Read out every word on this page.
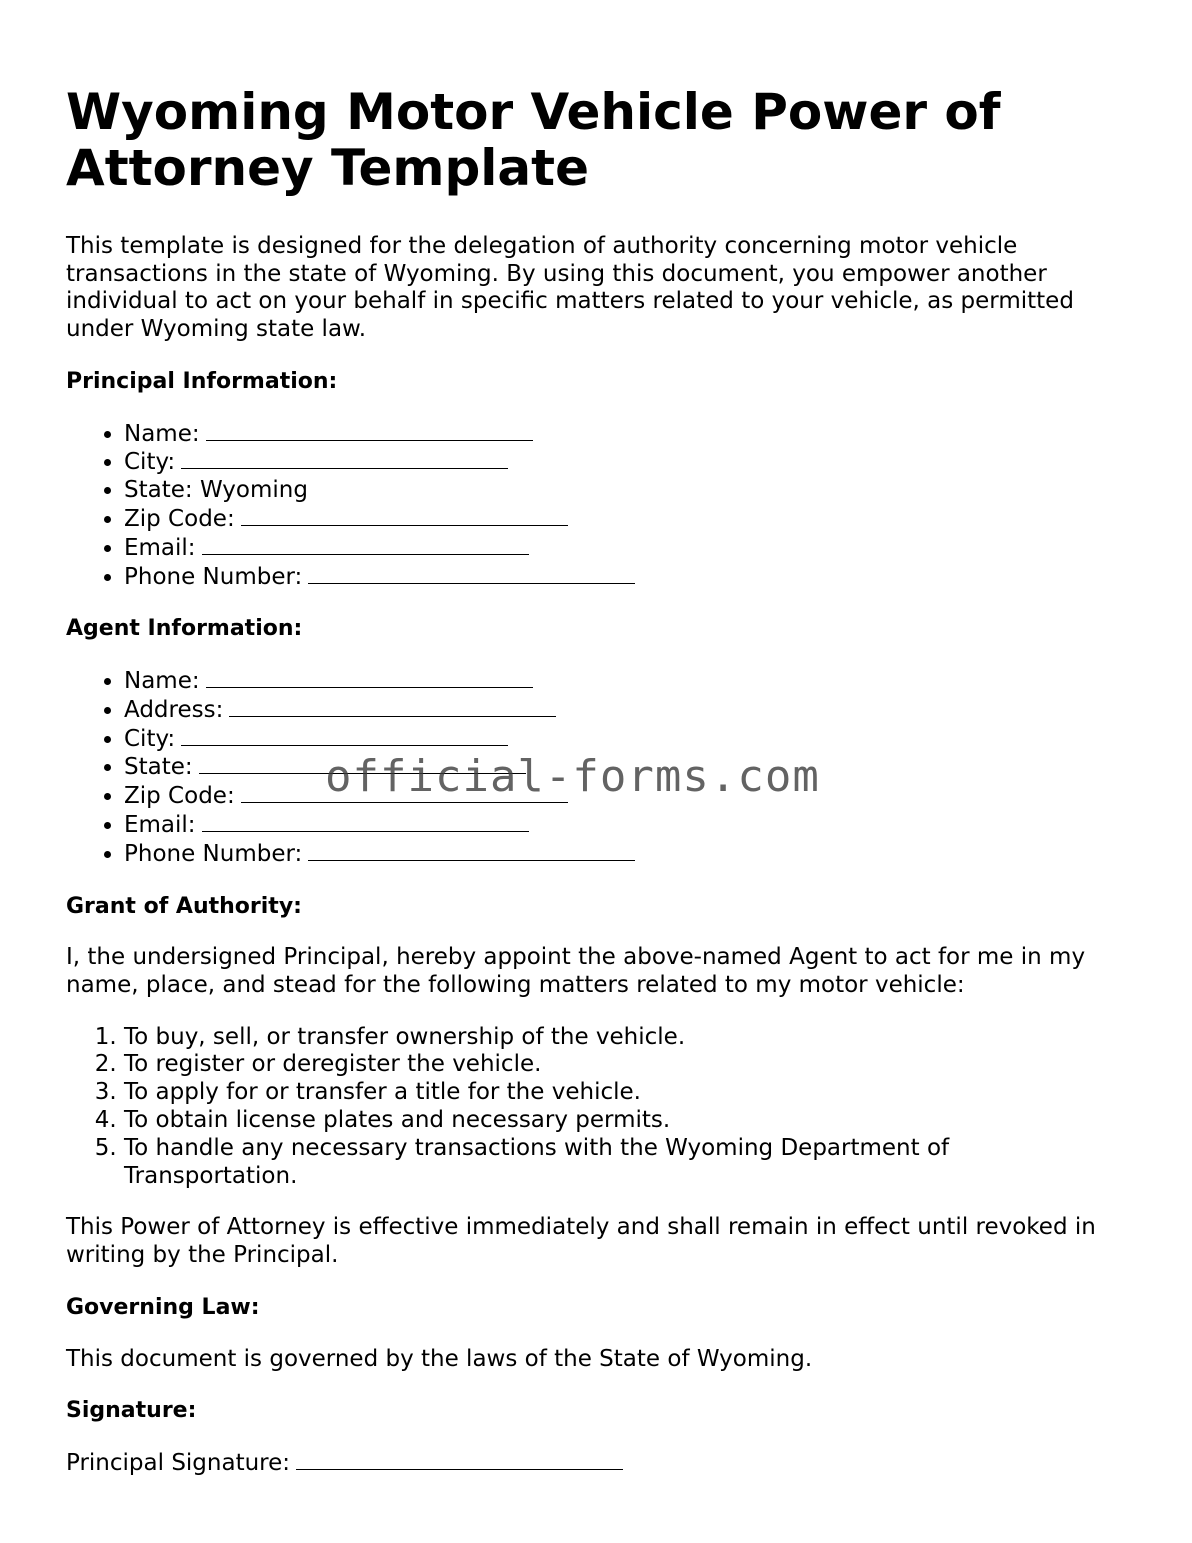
Wyoming Motor Vehicle Power of Attorney Template

This template is designed for the delegation of authority concerning motor vehicle transactions in the state of Wyoming. By using this document, you empower another individual to act on your behalf in specific matters related to your vehicle, as permitted under Wyoming state law.

Principal Information:

• Name:
• City:
• State: Wyoming
• Zip Code:
• Email:
• Phone Number:

Agent Information:

• Name:
• Address:
• City:
• State:
• Zip Code:
• Email:
• Phone Number:

Grant of Authority:

I, the undersigned Principal, hereby appoint the above-named Agent to act for me in my name, place, and stead for the following matters related to my motor vehicle:

1. To buy, sell, or transfer ownership of the vehicle.
2. To register or deregister the vehicle.
3. To apply for or transfer a title for the vehicle.
4. To obtain license plates and necessary permits.
5. To handle any necessary transactions with the Wyoming Department of Transportation.

This Power of Attorney is effective immediately and shall remain in effect until revoked in writing by the Principal.

Governing Law:

This document is governed by the laws of the State of Wyoming.

Signature:

Principal Signature:

official-forms.com
